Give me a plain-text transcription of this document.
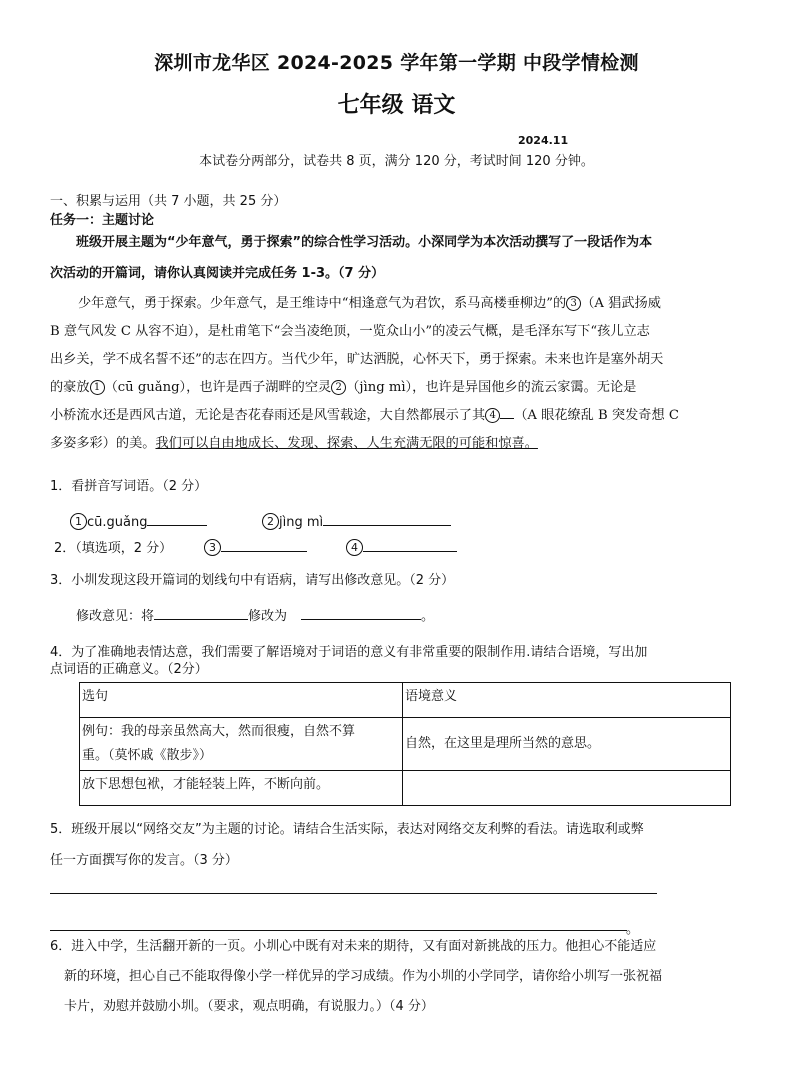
深圳市龙华区 2024-2025 学年第一学期 中段学情检测
七年级 语文
2024.11
本试卷分两部分，试卷共 8 页，满分 120 分，考试时间 120 分钟。
一、积累与运用（共 7 小题，共 25 分）
任务一：主题讨论
班级开展主题为“少年意气，勇于探索”的综合性学习活动。小深同学为本次活动撰写了一段话作为本
次活动的开篇词，请你认真阅读并完成任务 1-3。（7 分）
少年意气，勇于探索。少年意气，是王维诗中“相逢意气为君饮，系马高楼垂柳边”的 3 （A 猖武扬威
B 意气风发 C 从容不迫），是杜甫笔下“会当凌绝顶，一览众山小”的凌云气概，是毛泽东写下“孩儿立志
出乡关，学不成名誓不还”的志在四方。当代少年，旷达洒脱，心怀天下，勇于探索。未来也许是塞外胡天
的豪放 1 （cū guǎng），也许是西子湖畔的空灵 2 （jìng mì），也许是异国他乡的流云家霭。无论是
小桥流水还是西风古道，无论是杏花春雨还是风雪载途，大自然都展示了其 4 （A 眼花缭乱 B 突发奇想 C
多姿多彩）的美。我们可以自由地成长、发现、探索、人生充满无限的可能和惊喜。
1．看拼音写词语。（2 分）
1 cū.guǎng	2 jìng mì
2．（填选项，2 分）	3	4
3．小圳发现这段开篇词的划线句中有语病，请写出修改意见。（2 分）
修改意见：将	修改为	。
4．为了准确地表情达意，我们需要了解语境对于词语的意义有非常重要的限制作用.请结合语境，写出加
点词语的正确意义。（2分）
选句	语境意义

例句：我的母亲虽然高大，然而很瘦，自然不算
重。（莫怀戚《散步》）	自然，在这里是理所当然的意思。
放下思想包袱，才能轻装上阵，不断向前。	
5．班级开展以“网络交友”为主题的讨论。请结合生活实际，表达对网络交友利弊的看法。请选取利或弊
任一方面撰写你的发言。（3 分）
。
6．进入中学，生活翻开新的一页。小圳心中既有对未来的期待，又有面对新挑战的压力。他担心不能适应
新的环境，担心自己不能取得像小学一样优异的学习成绩。作为小圳的小学同学，请你给小圳写一张祝福
卡片，劝慰并鼓励小圳。（要求，观点明确，有说服力。）（4 分）
